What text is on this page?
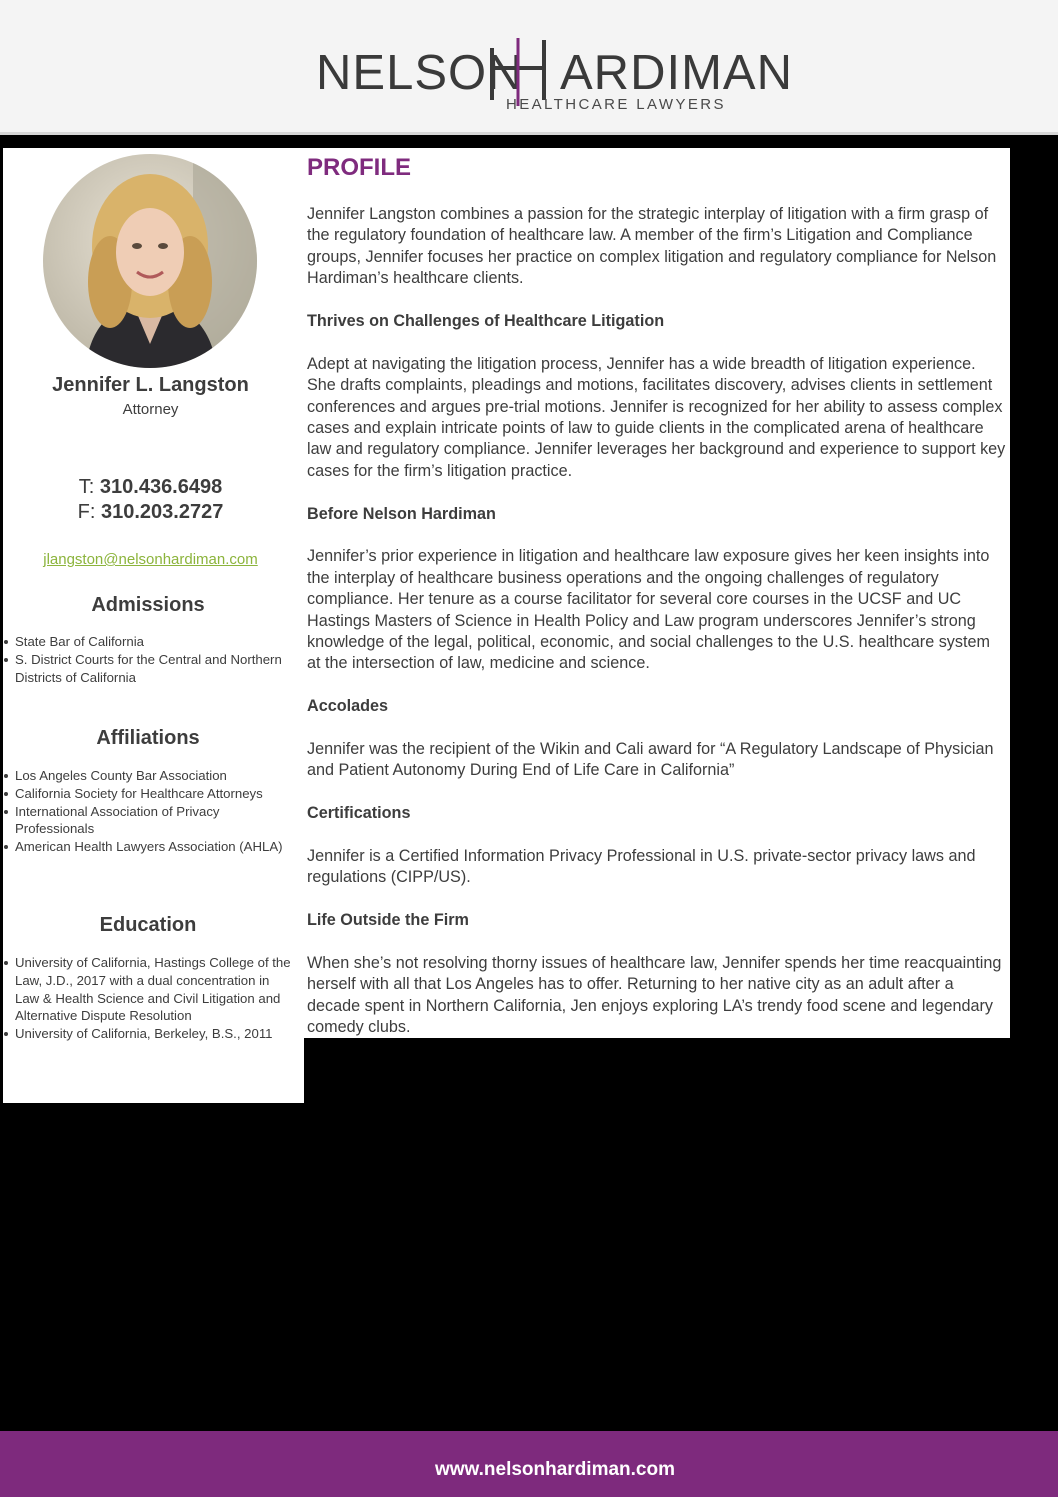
NELSON ARDIMAN
HEALTHCARE LAWYERS
Jennifer L. Langston
Attorney
T: 310.436.6498
F: 310.203.2727
jlangston@nelsonhardiman.com
Admissions
State Bar of California
S. District Courts for the Central and Northern Districts of California
Affiliations
Los Angeles County Bar Association
California Society for Healthcare Attorneys
International Association of Privacy Professionals
American Health Lawyers Association (AHLA)
Education
University of California, Hastings College of the Law, J.D., 2017 with a dual concentration in Law & Health Science and Civil Litigation and Alternative Dispute Resolution
University of California, Berkeley, B.S., 2011
PROFILE

Jennifer Langston combines a passion for the strategic interplay of litigation with a firm grasp of the regulatory foundation of healthcare law. A member of the firm’s Litigation and Compliance groups, Jennifer focuses her practice on complex litigation and regulatory compliance for Nelson Hardiman’s healthcare clients.

Thrives on Challenges of Healthcare Litigation

Adept at navigating the litigation process, Jennifer has a wide breadth of litigation experience. She drafts complaints, pleadings and motions, facilitates discovery, advises clients in settlement conferences and argues pre-trial motions. Jennifer is recognized for her ability to assess complex cases and explain intricate points of law to guide clients in the complicated arena of healthcare law and regulatory compliance. Jennifer leverages her background and experience to support key cases for the firm’s litigation practice.

Before Nelson Hardiman

Jennifer’s prior experience in litigation and healthcare law exposure gives her keen insights into the interplay of healthcare business operations and the ongoing challenges of regulatory compliance. Her tenure as a course facilitator for several core courses in the UCSF and UC Hastings Masters of Science in Health Policy and Law program underscores Jennifer’s strong knowledge of the legal, political, economic, and social challenges to the U.S. healthcare system at the intersection of law, medicine and science.

Accolades

Jennifer was the recipient of the Wikin and Cali award for “A Regulatory Landscape of Physician and Patient Autonomy During End of Life Care in California”

Certifications

Jennifer is a Certified Information Privacy Professional in U.S. private-sector privacy laws and regulations (CIPP/US).

Life Outside the Firm

When she’s not resolving thorny issues of healthcare law, Jennifer spends her time reacquainting herself with all that Los Angeles has to offer. Returning to her native city as an adult after a decade spent in Northern California, Jen enjoys exploring LA’s trendy food scene and legendary comedy clubs.

www.nelsonhardiman.com
